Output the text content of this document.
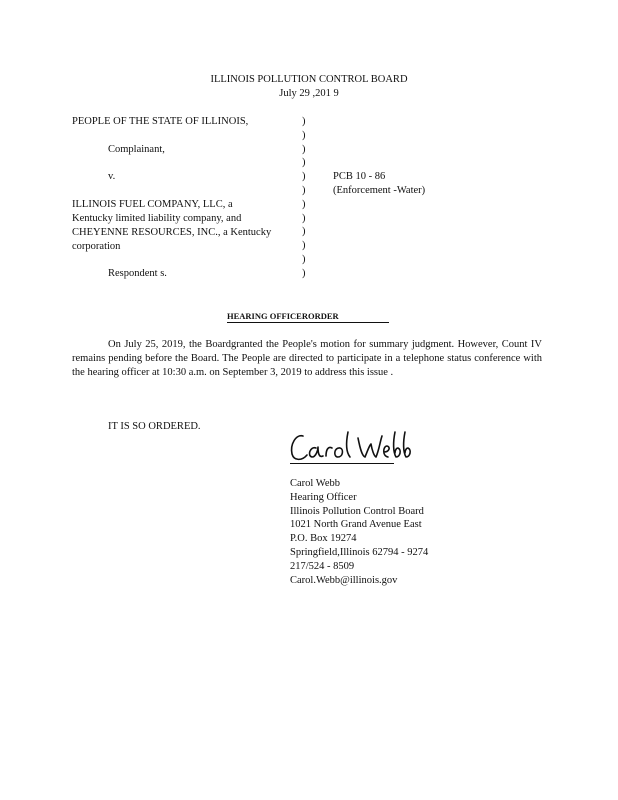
ILLINOIS POLLUTION CONTROL BOARD
July 29 ,201 9
PEOPLE OF THE STATE OF ILLINOIS,
Complainant,
v.
ILLINOIS FUEL COMPANY, LLC, a
Kentucky limited liability company, and
CHEYENNE RESOURCES, INC., a Kentucky
corporation
Respondent s.
)
)
)
)
)
)
)
)
)
)
)
)
PCB 10 - 86
(Enforcement -Water)
HEARING OFFICERORDER
On July 25, 2019, the Boardgranted the People's motion for summary judgment. However, Count IV remains pending before the Board. The People are directed to participate in a telephone status conference with the hearing officer at 10:30 a.m. on September 3, 2019 to address this issue .
IT IS SO ORDERED.
Carol Webb
Hearing Officer
Illinois Pollution Control Board
1021 North Grand Avenue East
P.O. Box 19274
Springfield,Illinois 62794 - 9274
217/524 - 8509
Carol.Webb@illinois.gov
